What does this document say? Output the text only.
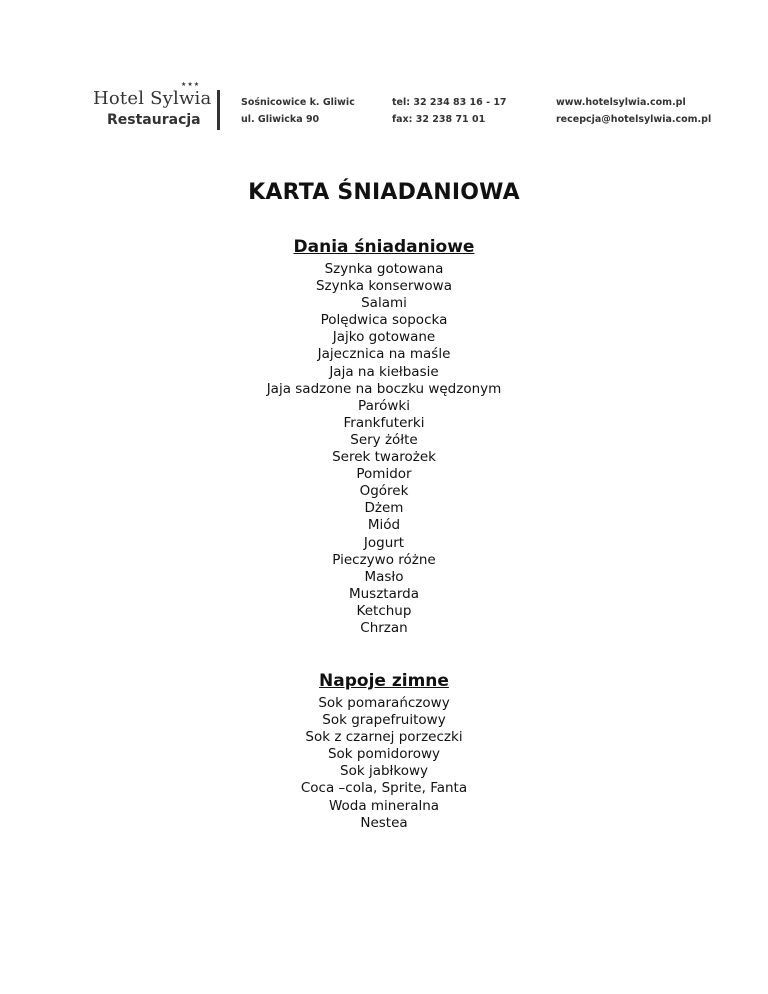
Hotel Sylwia
★★★
Restauracja
Sośnicowice k. Gliwic
ul. Gliwicka 90
tel: 32 234 83 16 - 17
fax: 32 238 71 01
www.hotelsylwia.com.pl
recepcja@hotelsylwia.com.pl
KARTA ŚNIADANIOWA
Dania śniadaniowe

Szynka gotowana

Szynka konserwowa

Salami

Polędwica sopocka

Jajko gotowane

Jajecznica na maśle

Jaja na kiełbasie

Jaja sadzone na boczku wędzonym

Parówki

Frankfuterki

Sery żółte

Serek twarożek

Pomidor

Ogórek

Dżem

Miód

Jogurt

Pieczywo różne

Masło

Musztarda

Ketchup

Chrzan

Napoje zimne

Sok pomarańczowy

Sok grapefruitowy

Sok z czarnej porzeczki

Sok pomidorowy

Sok jabłkowy

Coca –cola, Sprite, Fanta

Woda mineralna

Nestea
